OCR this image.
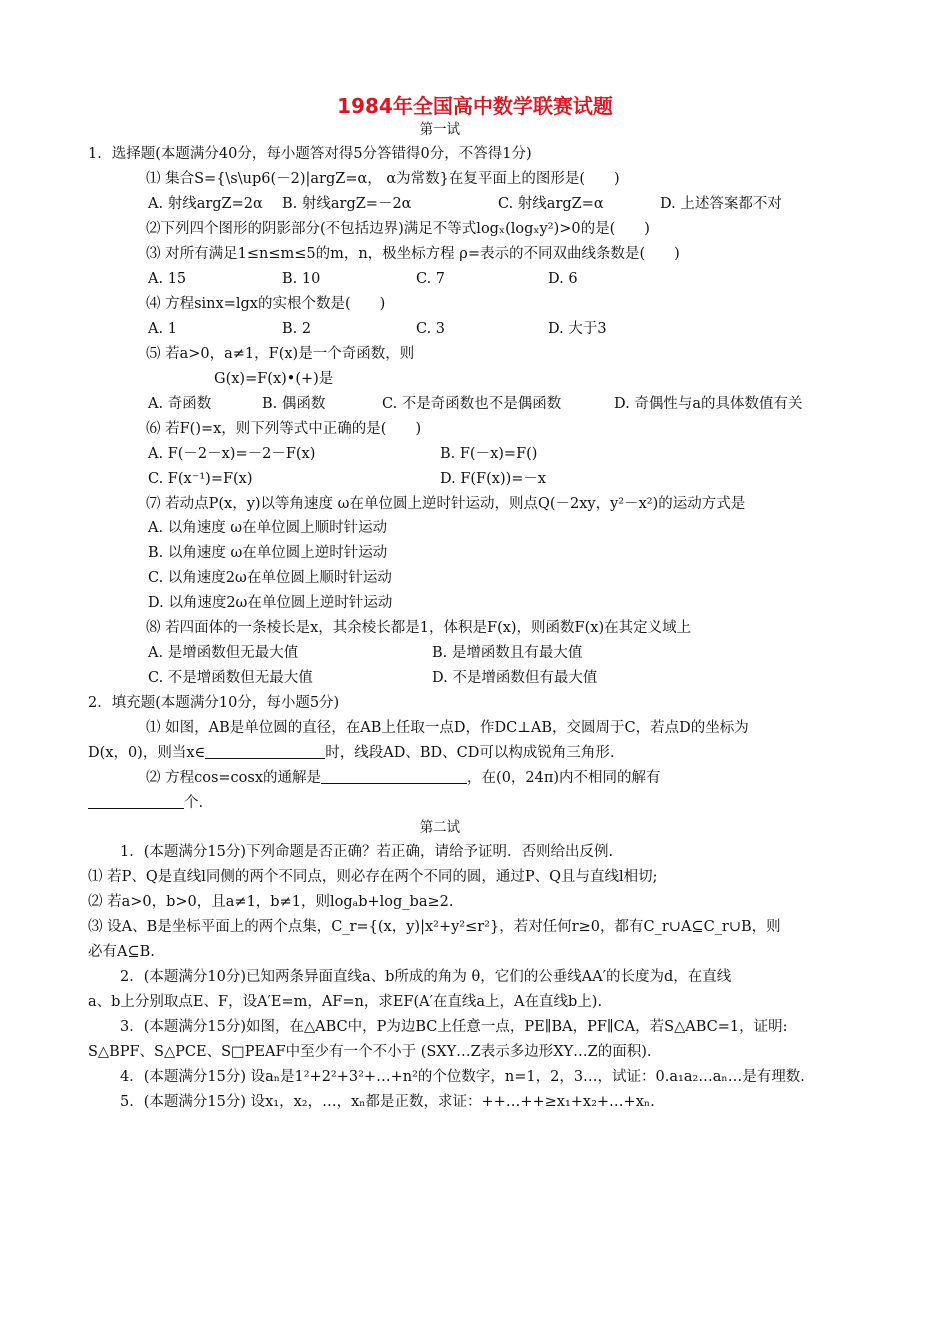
1984年全国高中数学联赛试题
第一试
1．选择题(本题满分40分，每小题答对得5分答错得0分，不答得1分)
⑴ 集合S={\s\up6(－2)|argZ=α， α为常数}在复平面上的图形是(　　)
A. 射线argZ=2α B. 射线argZ=－2α	C. 射线argZ=α	D. 上述答案都不对
⑵下列四个图形的阴影部分(不包括边界)满足不等式logₓ(logₓy²)>0的是(　　)
⑶ 对所有满足1≤n≤m≤5的m，n，极坐标方程 ρ=表示的不同双曲线条数是(　　)
A. 15	B. 10	C. 7	D. 6
⑷ 方程sinx=lgx的实根个数是(　　)
A. 1	B. 2	C. 3	D. 大于3
⑸ 若a>0，a≠1，F(x)是一个奇函数，则
G(x)=F(x)•(+)是
A. 奇函数	B. 偶函数	C. 不是奇函数也不是偶函数	D. 奇偶性与a的具体数值有关
⑹ 若F()=x，则下列等式中正确的是(　　)
A. F(－2－x)=－2－F(x)	B. F(－x)=F()
C. F(x⁻¹)=F(x)	D. F(F(x))=－x
⑺ 若动点P(x，y)以等角速度 ω在单位圆上逆时针运动，则点Q(－2xy，y²－x²)的运动方式是
A. 以角速度 ω在单位圆上顺时针运动
B. 以角速度 ω在单位圆上逆时针运动
C. 以角速度2ω在单位圆上顺时针运动
D. 以角速度2ω在单位圆上逆时针运动
⑻ 若四面体的一条棱长是x，其余棱长都是1，体积是F(x)，则函数F(x)在其定义域上
A. 是增函数但无最大值	B. 是增函数且有最大值
C. 不是增函数但无最大值	D. 不是增函数但有最大值
2．填充题(本题满分10分，每小题5分)
⑴ 如图，AB是单位圆的直径，在AB上任取一点D，作DC⊥AB，交圆周于C，若点D的坐标为
D(x，0)，则当x∈	时，线段AD、BD、CD可以构成锐角三角形.
⑵ 方程cos=cosx的通解是	，在(0，24π)内不相同的解有
个.
第二试
1．(本题满分15分)下列命题是否正确？若正确，请给予证明．否则给出反例.
⑴ 若P、Q是直线l同侧的两个不同点，则必存在两个不同的圆，通过P、Q且与直线l相切;
⑵ 若a>0，b>0，且a≠1，b≠1，则logₐb+log_ba≥2.
⑶ 设A、B是坐标平面上的两个点集，C_r={(x，y)|x²+y²≤r²}，若对任何r≥0，都有C_r∪A⊆C_r∪B，则
必有A⊆B.
2．(本题满分10分)已知两条异面直线a、b所成的角为 θ，它们的公垂线AA′的长度为d，在直线
a、b上分别取点E、F，设A′E=m，AF=n，求EF(A′在直线a上，A在直线b上).
3．(本题满分15分)如图，在△ABC中，P为边BC上任意一点，PE∥BA，PF∥CA，若S△ABC=1，证明:
S△BPF、S△PCE、S□PEAF中至少有一个不小于 (SXY…Z表示多边形XY…Z的面积).
4．(本题满分15分) 设aₙ是1²+2²+3²+…+n²的个位数字，n=1，2，3…，试证：0.a₁a₂…aₙ…是有理数.
5．(本题满分15分) 设x₁，x₂，…，xₙ都是正数，求证：++…++≥x₁+x₂+…+xₙ.
